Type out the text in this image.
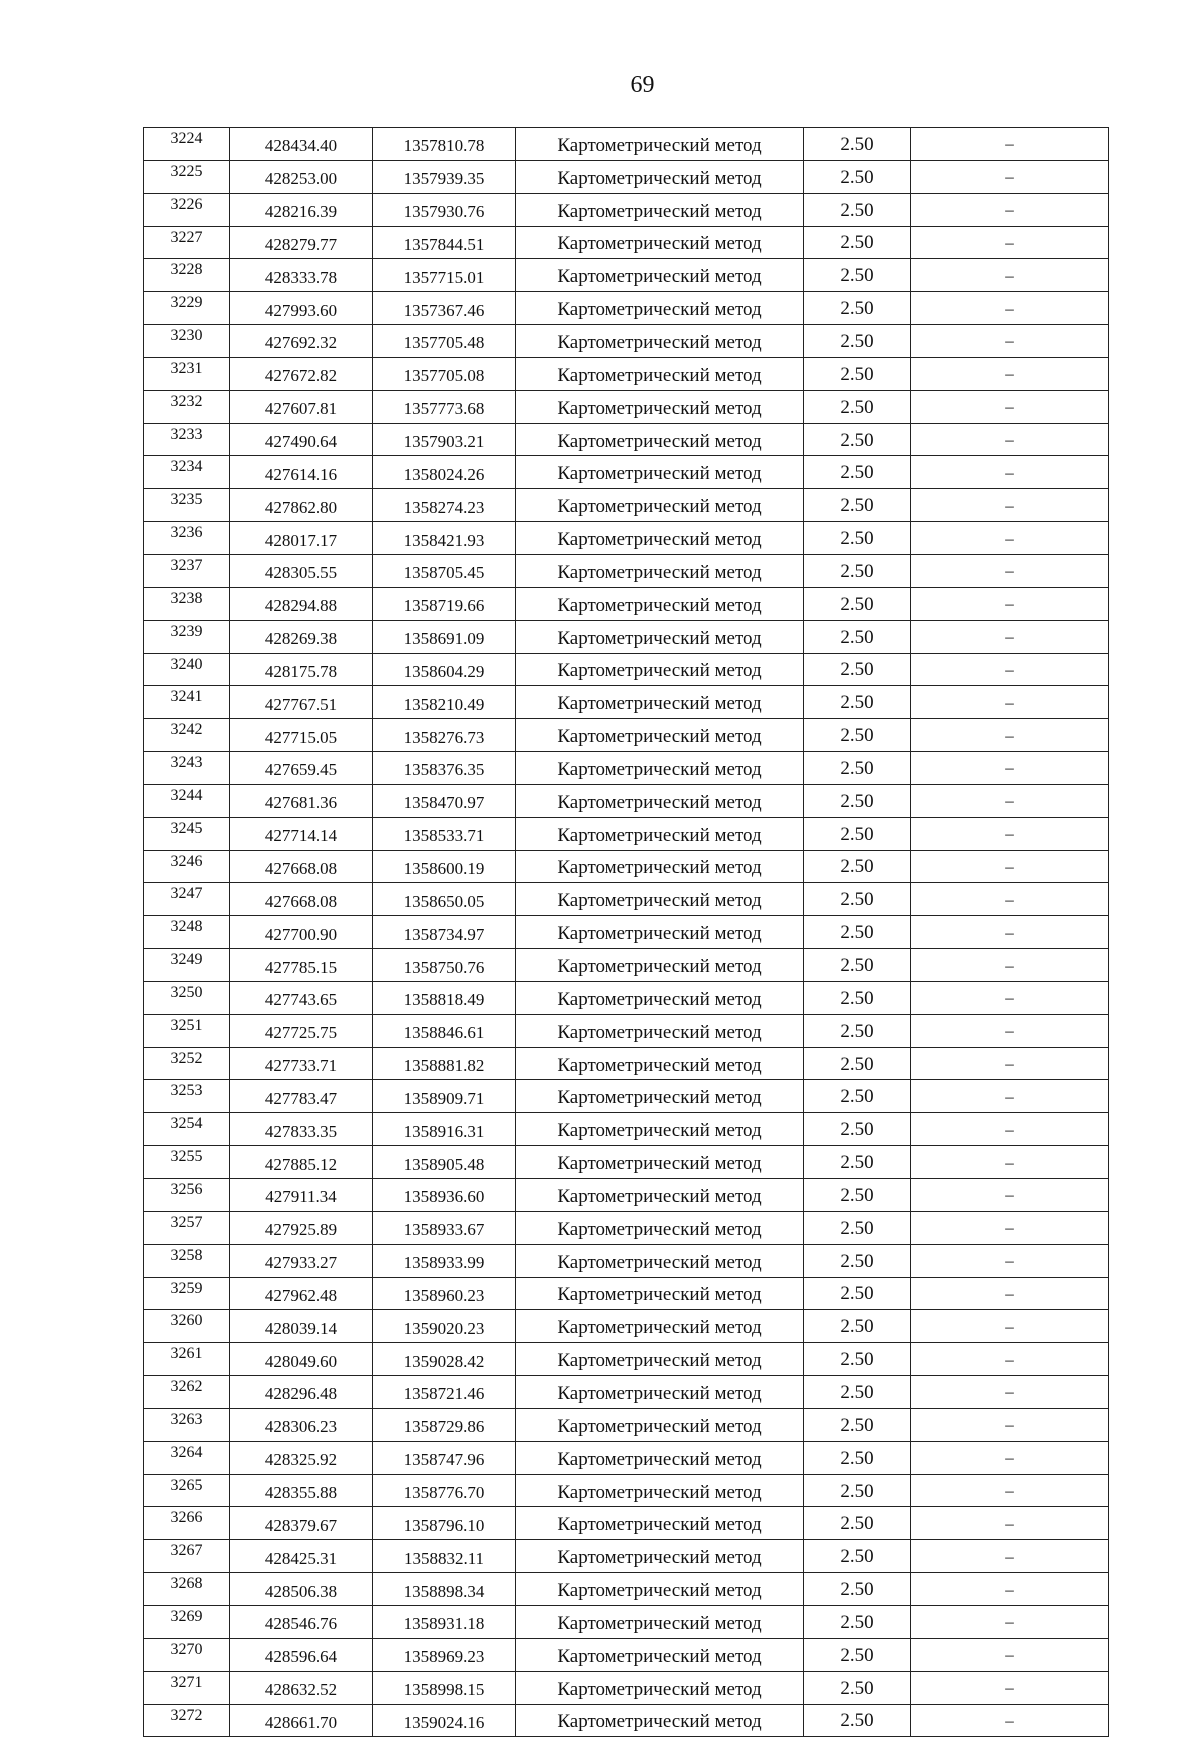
69
3224	428434.40	1357810.78	Картометрический метод	2.50	–
3225	428253.00	1357939.35	Картометрический метод	2.50	–
3226	428216.39	1357930.76	Картометрический метод	2.50	–
3227	428279.77	1357844.51	Картометрический метод	2.50	–
3228	428333.78	1357715.01	Картометрический метод	2.50	–
3229	427993.60	1357367.46	Картометрический метод	2.50	–
3230	427692.32	1357705.48	Картометрический метод	2.50	–
3231	427672.82	1357705.08	Картометрический метод	2.50	–
3232	427607.81	1357773.68	Картометрический метод	2.50	–
3233	427490.64	1357903.21	Картометрический метод	2.50	–
3234	427614.16	1358024.26	Картометрический метод	2.50	–
3235	427862.80	1358274.23	Картометрический метод	2.50	–
3236	428017.17	1358421.93	Картометрический метод	2.50	–
3237	428305.55	1358705.45	Картометрический метод	2.50	–
3238	428294.88	1358719.66	Картометрический метод	2.50	–
3239	428269.38	1358691.09	Картометрический метод	2.50	–
3240	428175.78	1358604.29	Картометрический метод	2.50	–
3241	427767.51	1358210.49	Картометрический метод	2.50	–
3242	427715.05	1358276.73	Картометрический метод	2.50	–
3243	427659.45	1358376.35	Картометрический метод	2.50	–
3244	427681.36	1358470.97	Картометрический метод	2.50	–
3245	427714.14	1358533.71	Картометрический метод	2.50	–
3246	427668.08	1358600.19	Картометрический метод	2.50	–
3247	427668.08	1358650.05	Картометрический метод	2.50	–
3248	427700.90	1358734.97	Картометрический метод	2.50	–
3249	427785.15	1358750.76	Картометрический метод	2.50	–
3250	427743.65	1358818.49	Картометрический метод	2.50	–
3251	427725.75	1358846.61	Картометрический метод	2.50	–
3252	427733.71	1358881.82	Картометрический метод	2.50	–
3253	427783.47	1358909.71	Картометрический метод	2.50	–
3254	427833.35	1358916.31	Картометрический метод	2.50	–
3255	427885.12	1358905.48	Картометрический метод	2.50	–
3256	427911.34	1358936.60	Картометрический метод	2.50	–
3257	427925.89	1358933.67	Картометрический метод	2.50	–
3258	427933.27	1358933.99	Картометрический метод	2.50	–
3259	427962.48	1358960.23	Картометрический метод	2.50	–
3260	428039.14	1359020.23	Картометрический метод	2.50	–
3261	428049.60	1359028.42	Картометрический метод	2.50	–
3262	428296.48	1358721.46	Картометрический метод	2.50	–
3263	428306.23	1358729.86	Картометрический метод	2.50	–
3264	428325.92	1358747.96	Картометрический метод	2.50	–
3265	428355.88	1358776.70	Картометрический метод	2.50	–
3266	428379.67	1358796.10	Картометрический метод	2.50	–
3267	428425.31	1358832.11	Картометрический метод	2.50	–
3268	428506.38	1358898.34	Картометрический метод	2.50	–
3269	428546.76	1358931.18	Картометрический метод	2.50	–
3270	428596.64	1358969.23	Картометрический метод	2.50	–
3271	428632.52	1358998.15	Картометрический метод	2.50	–
3272	428661.70	1359024.16	Картометрический метод	2.50	–
